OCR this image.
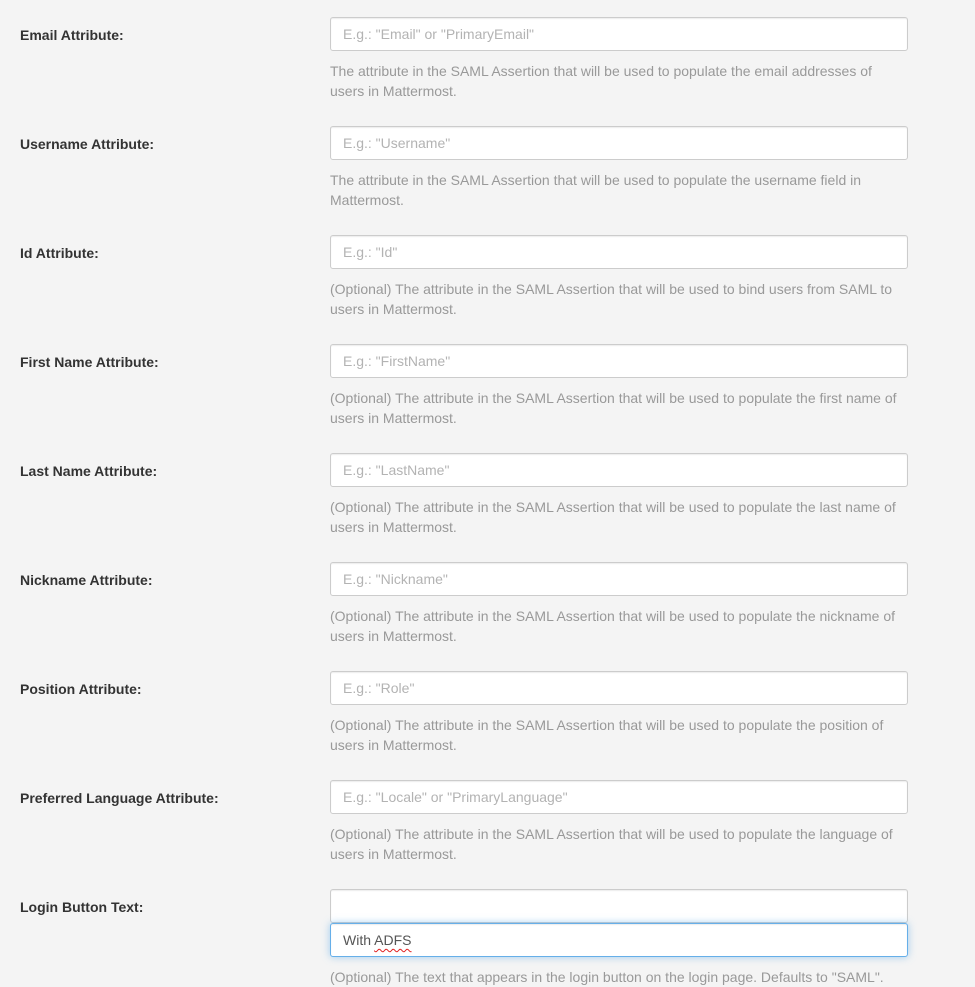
Email Attribute:
E.g.: "Email" or "PrimaryEmail"
The attribute in the SAML Assertion that will be used to populate the email addresses of users in Mattermost.
Username Attribute:
E.g.: "Username"
The attribute in the SAML Assertion that will be used to populate the username field in Mattermost.
Id Attribute:
E.g.: "Id"
(Optional) The attribute in the SAML Assertion that will be used to bind users from SAML to users in Mattermost.
First Name Attribute:
E.g.: "FirstName"
(Optional) The attribute in the SAML Assertion that will be used to populate the first name of users in Mattermost.
Last Name Attribute:
E.g.: "LastName"
(Optional) The attribute in the SAML Assertion that will be used to populate the last name of users in Mattermost.
Nickname Attribute:
E.g.: "Nickname"
(Optional) The attribute in the SAML Assertion that will be used to populate the nickname of users in Mattermost.
Position Attribute:
E.g.: "Role"
(Optional) The attribute in the SAML Assertion that will be used to populate the position of users in Mattermost.
Preferred Language Attribute:
E.g.: "Locale" or "PrimaryLanguage"
(Optional) The attribute in the SAML Assertion that will be used to populate the language of users in Mattermost.
Login Button Text:
With ADFS
(Optional) The text that appears in the login button on the login page. Defaults to "SAML".
